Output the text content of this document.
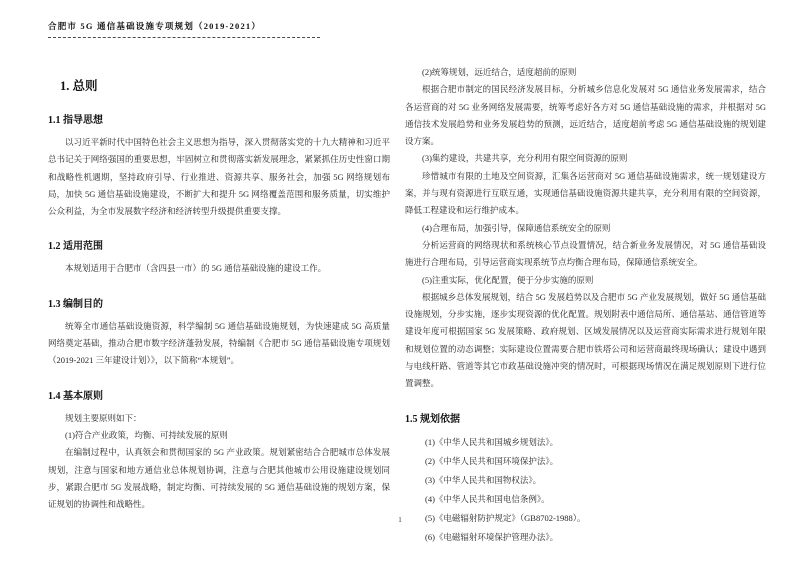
合肥市 5G 通信基础设施专项规划（2019-2021）
1. 总则
1.1 指导思想

以习近平新时代中国特色社会主义思想为指导，深入贯彻落实党的十九大精神和习近平总书记关于网络强国的重要思想，牢固树立和贯彻落实新发展理念，紧紧抓住历史性窗口期和战略性机遇期，坚持政府引导、行业推进、资源共享、服务社会，加强 5G 网络规划布局，加快 5G 通信基础设施建设，不断扩大和提升 5G 网络覆盖范围和服务质量，切实维护公众利益，为全市发展数字经济和经济转型升级提供重要支撑。

1.2 适用范围

本规划适用于合肥市（含四县一市）的 5G 通信基础设施的建设工作。

1.3 编制目的

统筹全市通信基础设施资源，科学编制 5G 通信基础设施规划，为快速建成 5G 高质量网络奠定基础，推动合肥市数字经济蓬勃发展，特编制《合肥市 5G 通信基础设施专项规划（2019-2021 三年建设计划）》，以下简称“本规划”。

1.4 基本原则

规划主要原则如下：

(1)符合产业政策，均衡、可持续发展的原则

在编制过程中，认真领会和贯彻国家的 5G 产业政策。规划紧密结合合肥城市总体发展规划，注意与国家和地方通信业总体规划协调，注意与合肥其他城市公用设施建设规划同步，紧跟合肥市 5G 发展战略，制定均衡、可持续发展的 5G 通信基础设施的规划方案，保证规划的协调性和战略性。

(2)统筹规划，远近结合，适度超前的原则

根据合肥市制定的国民经济发展目标，分析城乡信息化发展对 5G 通信业务发展需求，结合各运营商的对 5G 业务网络发展需要，统筹考虑好各方对 5G 通信基础设施的需求，并根据对 5G 通信技术发展趋势和业务发展趋势的预测，远近结合，适度超前考虑 5G 通信基础设施的规划建设方案。

(3)集约建设，共建共享，充分利用有限空间资源的原则

珍惜城市有限的土地及空间资源，汇集各运营商对 5G 通信基础设施需求，统一规划建设方案，并与现有资源进行互联互通，实现通信基础设施资源共建共享，充分利用有限的空间资源，降低工程建设和运行维护成本。

(4)合理布局，加强引导，保障通信系统安全的原则

分析运营商的网络现状和系统核心节点设置情况，结合新业务发展情况，对 5G 通信基础设施进行合理布局，引导运营商实现系统节点均衡合理布局，保障通信系统安全。

(5)注重实际，优化配置，便于分步实施的原则

根据城乡总体发展规划，结合 5G 发展趋势以及合肥市 5G 产业发展规划，做好 5G 通信基础设施规划，分步实施，逐步实现资源的优化配置。规划附表中通信局所、通信基站、通信管道等建设年度可根据国家 5G 发展策略、政府规划、区域发展情况以及运营商实际需求进行规划年限和规划位置的动态调整；实际建设位置需要合肥市铁塔公司和运营商最终现场确认；建设中遇到与电线杆路、管道等其它市政基础设施冲突的情况时，可根据现场情况在满足规划原则下进行位置调整。

1.5 规划依据
(1)《中华人民共和国城乡规划法》。
(2)《中华人民共和国环境保护法》。
(3)《中华人民共和国物权法》。
(4)《中华人民共和国电信条例》。
(5)《电磁辐射防护规定》（GB8702-1988）。
(6)《电磁辐射环境保护管理办法》。
1
